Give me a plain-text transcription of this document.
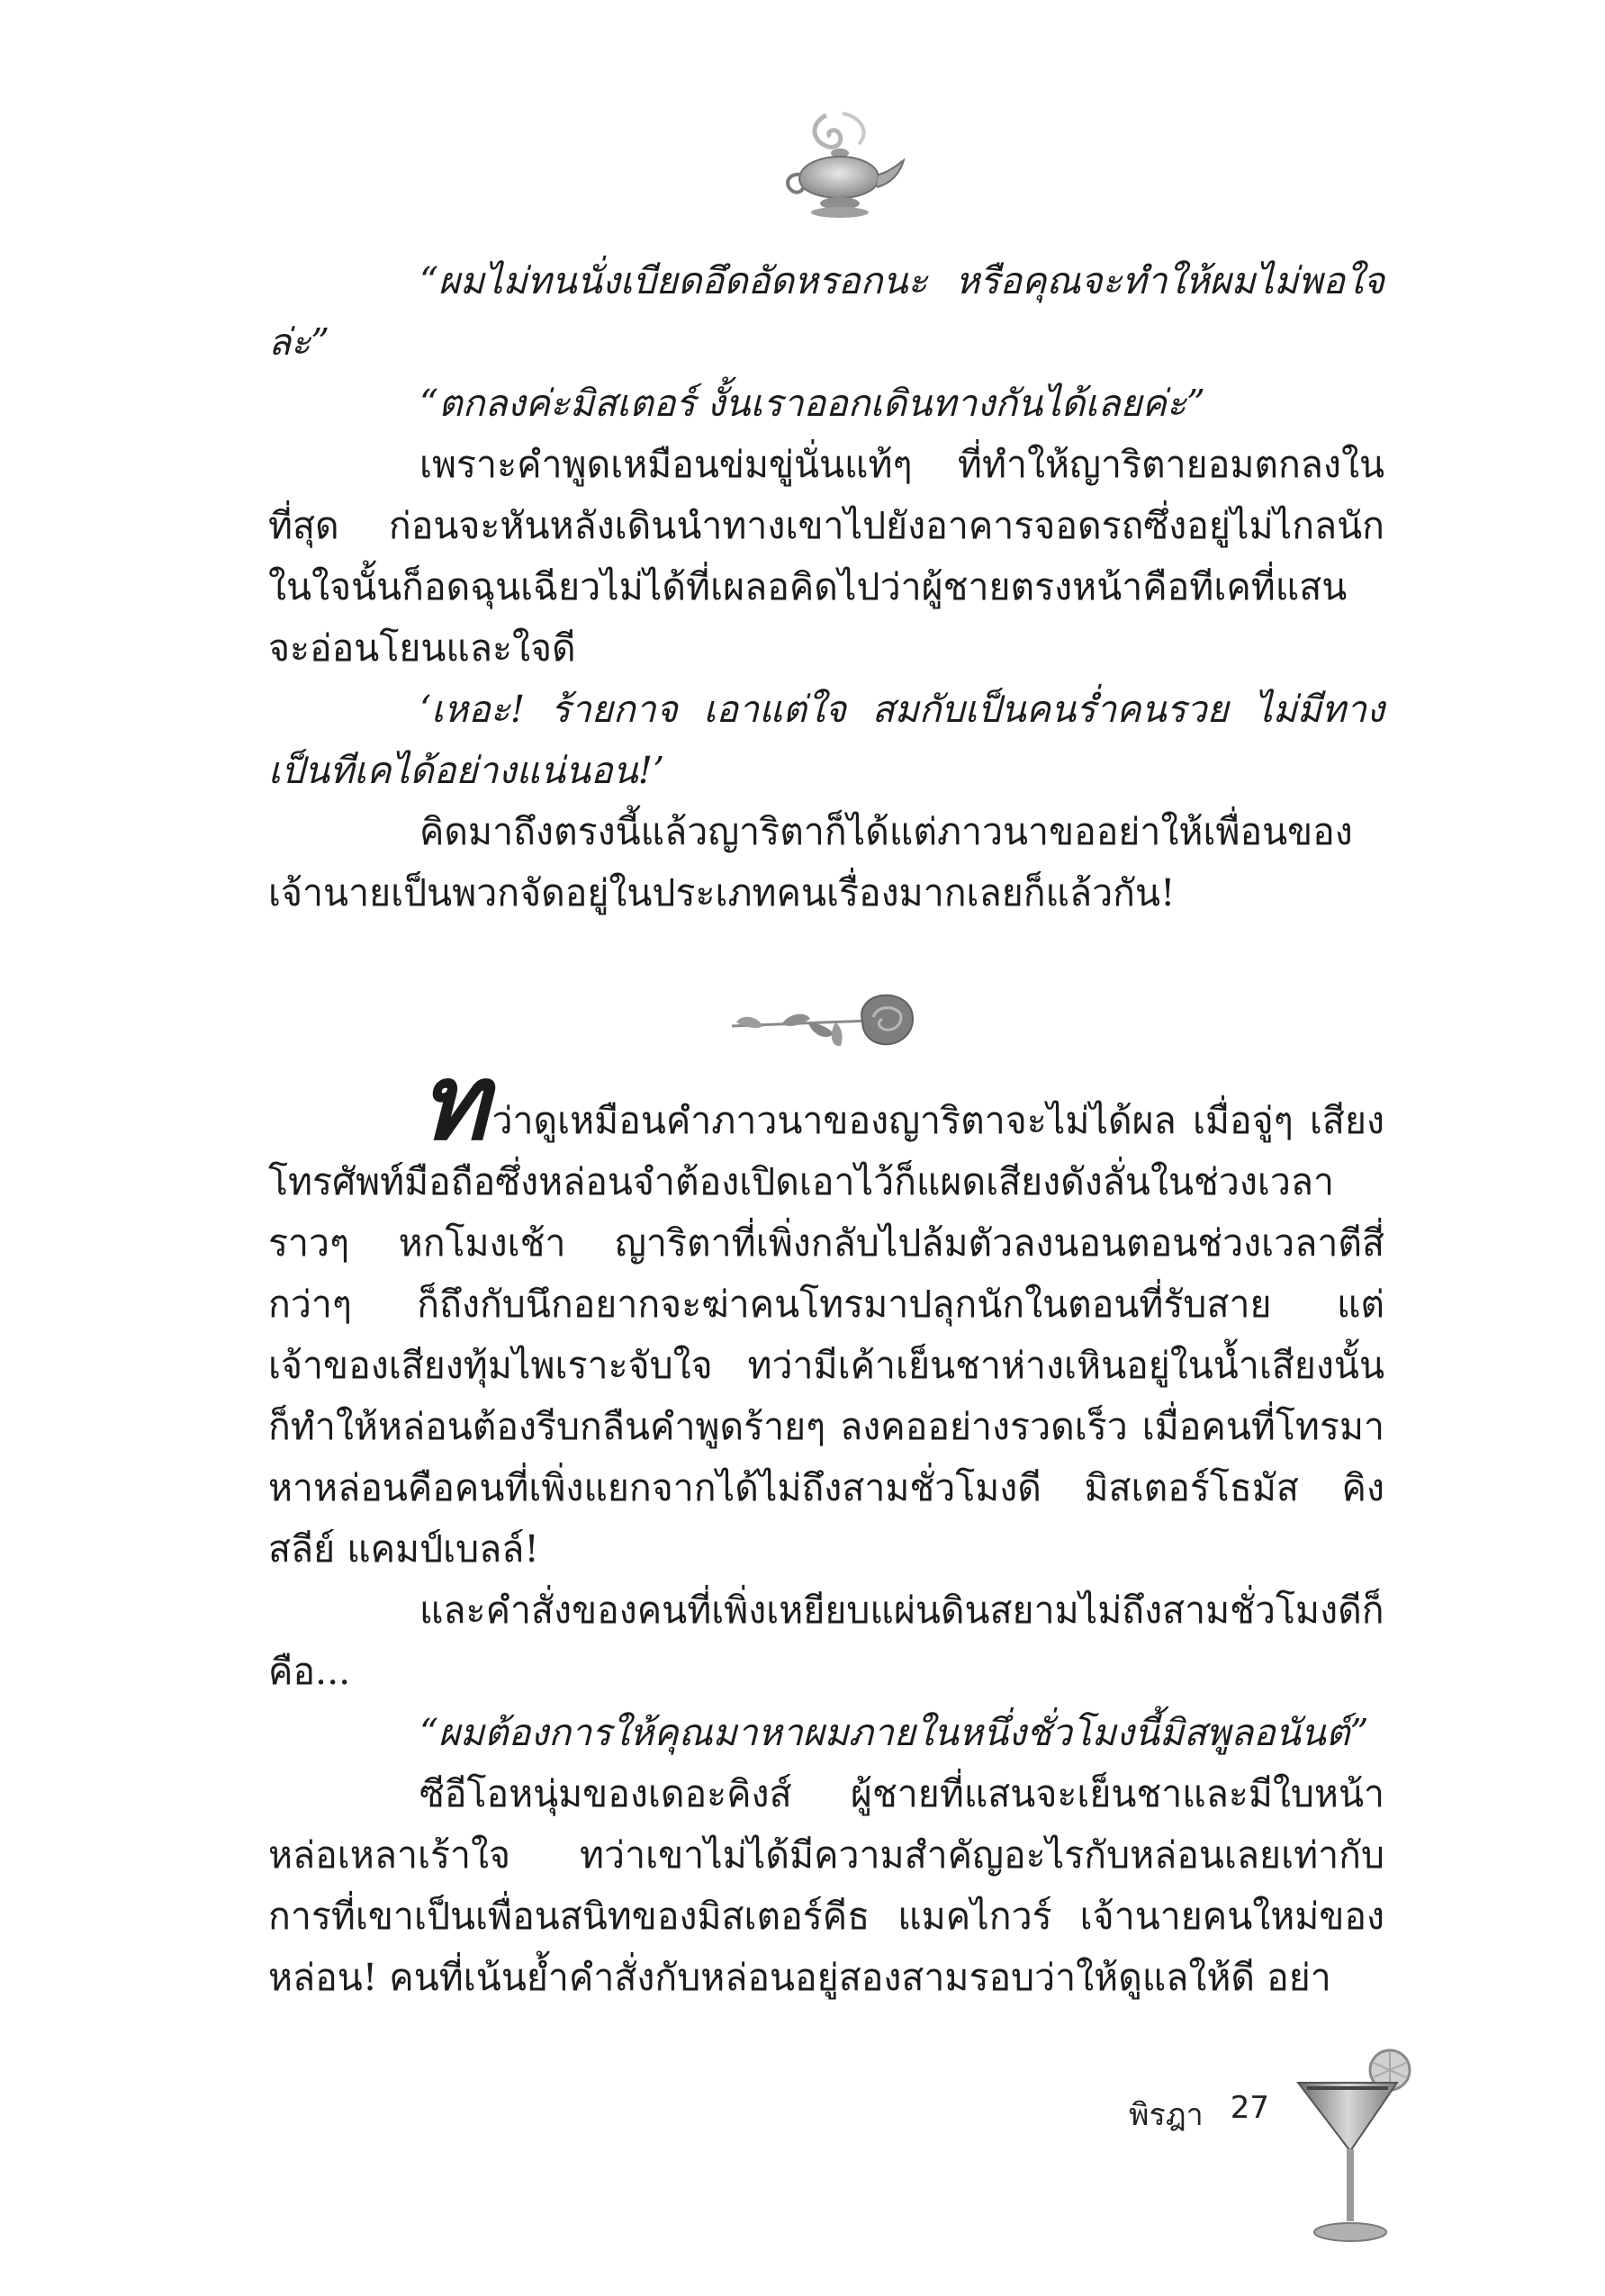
“ผมไม่ทนนั่งเบียดอึดอัดหรอกนะ หรือคุณจะทำให้ผมไม่พอใจล่ะ”

“ตกลงค่ะมิสเตอร์ งั้นเราออกเดินทางกันได้เลยค่ะ”

เพราะคำพูดเหมือนข่มขู่นั่นแท้ๆ ที่ทำให้ญาริตายอมตกลงในที่สุด ก่อนจะหันหลังเดินนำทางเขาไปยังอาคารจอดรถซึ่งอยู่ไม่ไกลนัก ในใจนั้นก็อดฉุนเฉียวไม่ได้ที่เผลอคิดไปว่าผู้ชายตรงหน้าคือทีเคที่แสนจะอ่อนโยนและใจดี

‘เหอะ! ร้ายกาจ เอาแต่ใจ สมกับเป็นคนร่ำคนรวย ไม่มีทางเป็นทีเคได้อย่างแน่นอน!’

คิดมาถึงตรงนี้แล้วญาริตาก็ได้แต่ภาวนาขออย่าให้เพื่อนของเจ้านายเป็นพวกจัดอยู่ในประเภทคนเรื่องมากเลยก็แล้วกัน!

ทว่าดูเหมือนคำภาวนาของญาริตาจะไม่ได้ผล เมื่อจู่ๆ เสียงโทรศัพท์มือถือซึ่งหล่อนจำต้องเปิดเอาไว้ก็แผดเสียงดังลั่นในช่วงเวลาราวๆ หกโมงเช้า ญาริตาที่เพิ่งกลับไปล้มตัวลงนอนตอนช่วงเวลาตีสี่กว่าๆ ก็ถึงกับนึกอยากจะฆ่าคนโทรมาปลุกนักในตอนที่รับสาย แต่เจ้าของเสียงทุ้มไพเราะจับใจ ทว่ามีเค้าเย็นชาห่างเหินอยู่ในน้ำเสียงนั้น ก็ทำให้หล่อนต้องรีบกลืนคำพูดร้ายๆ ลงคออย่างรวดเร็ว เมื่อคนที่โทรมาหาหล่อนคือคนที่เพิ่งแยกจากได้ไม่ถึงสามชั่วโมงดี มิสเตอร์โธมัส คิงสลีย์ แคมป์เบลล์!

และคำสั่งของคนที่เพิ่งเหยียบแผ่นดินสยามไม่ถึงสามชั่วโมงดีก็คือ...

“ผมต้องการให้คุณมาหาผมภายในหนึ่งชั่วโมงนี้มิสพูลอนันต์”

ซีอีโอหนุ่มของเดอะคิงส์ ผู้ชายที่แสนจะเย็นชาและมีใบหน้าหล่อเหลาเร้าใจ ทว่าเขาไม่ได้มีความสำคัญอะไรกับหล่อนเลยเท่ากับการที่เขาเป็นเพื่อนสนิทของมิสเตอร์คีธ แมคไกวร์ เจ้านายคนใหม่ของหล่อน! คนที่เน้นย้ำคำสั่งกับหล่อนอยู่สองสามรอบว่าให้ดูแลให้ดี อย่า

พิรฎา 27
